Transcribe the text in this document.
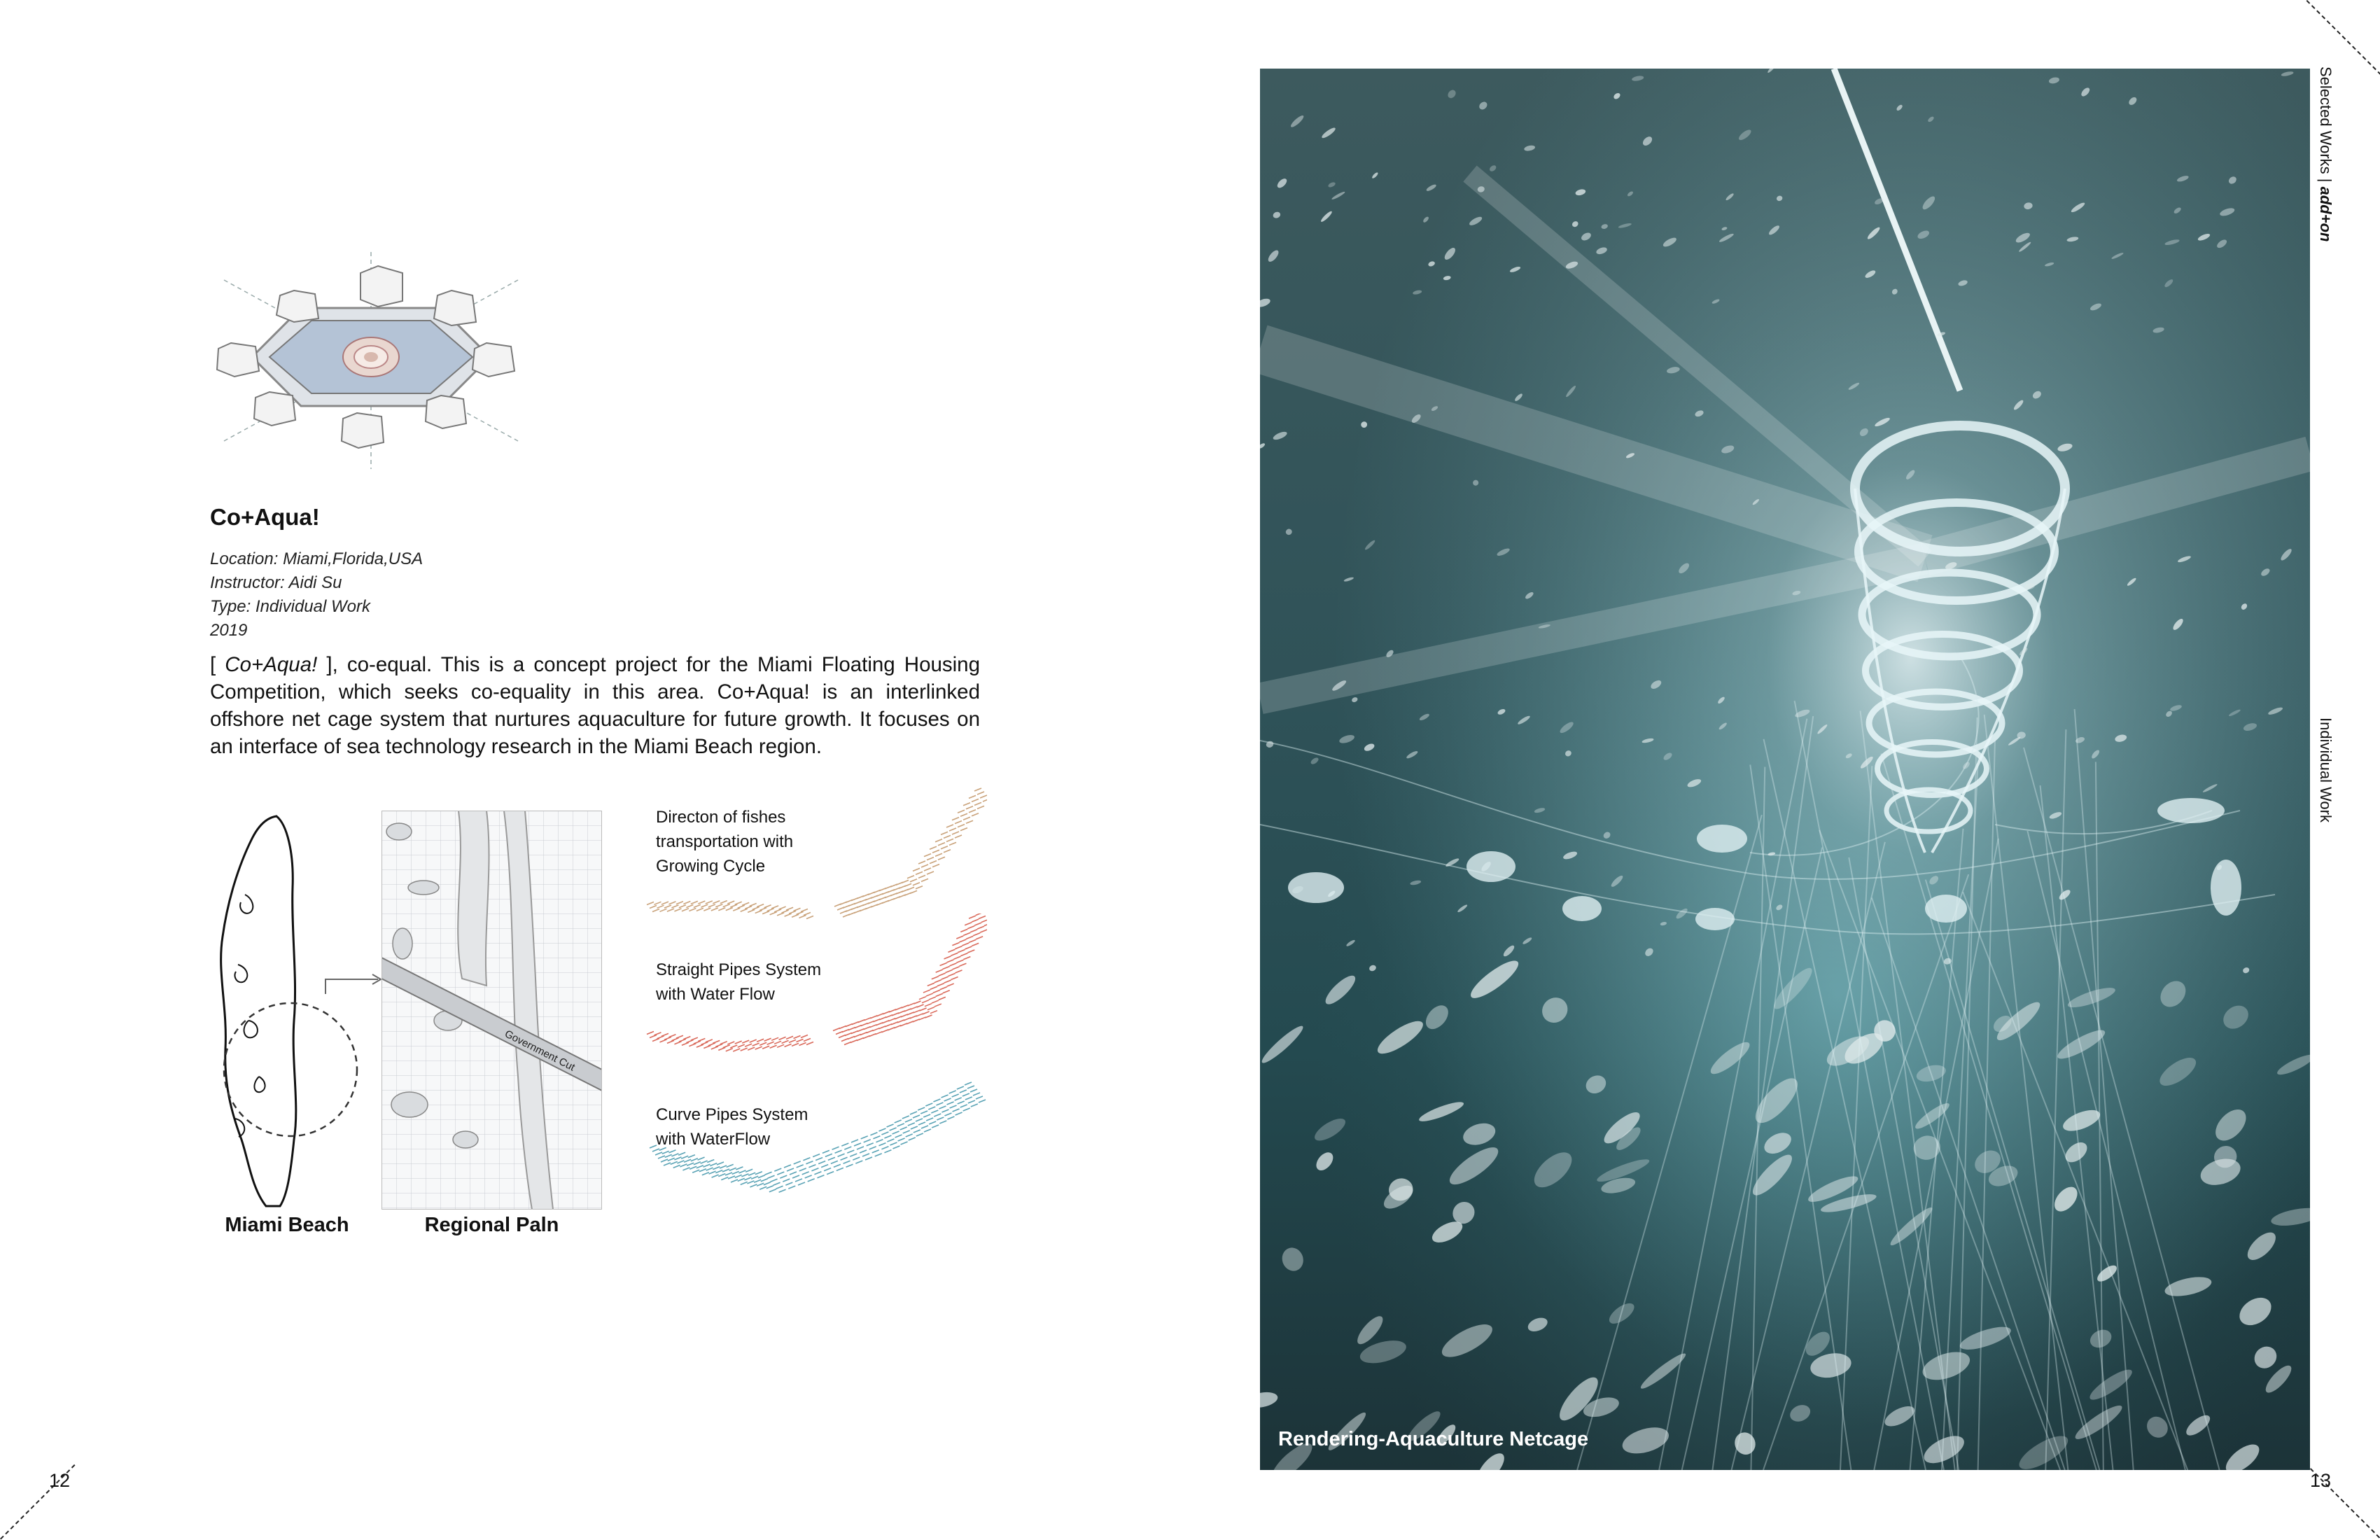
12	13
Co+Aqua!
Location: Miami,Florida,USA
Instructor: Aidi Su
Type: Individual Work
2019
[ Co+Aqua! ], co-equal. This is a concept project for the Miami Floating Housing Competition, which seeks co-equality in this area. Co+Aqua! is an interlinked offshore net cage system that nurtures aquaculture for future growth. It focuses on an interface of sea technology research in the Miami Beach region.
Miami Beach
Government Cut
Regional Paln
Directon of fishes
transportation with
Growing Cycle
Straight Pipes System
with Water Flow
Curve Pipes System
with WaterFlow
Rendering-Aquaculture Netcage
Selected Works | add+on
Individual Work
